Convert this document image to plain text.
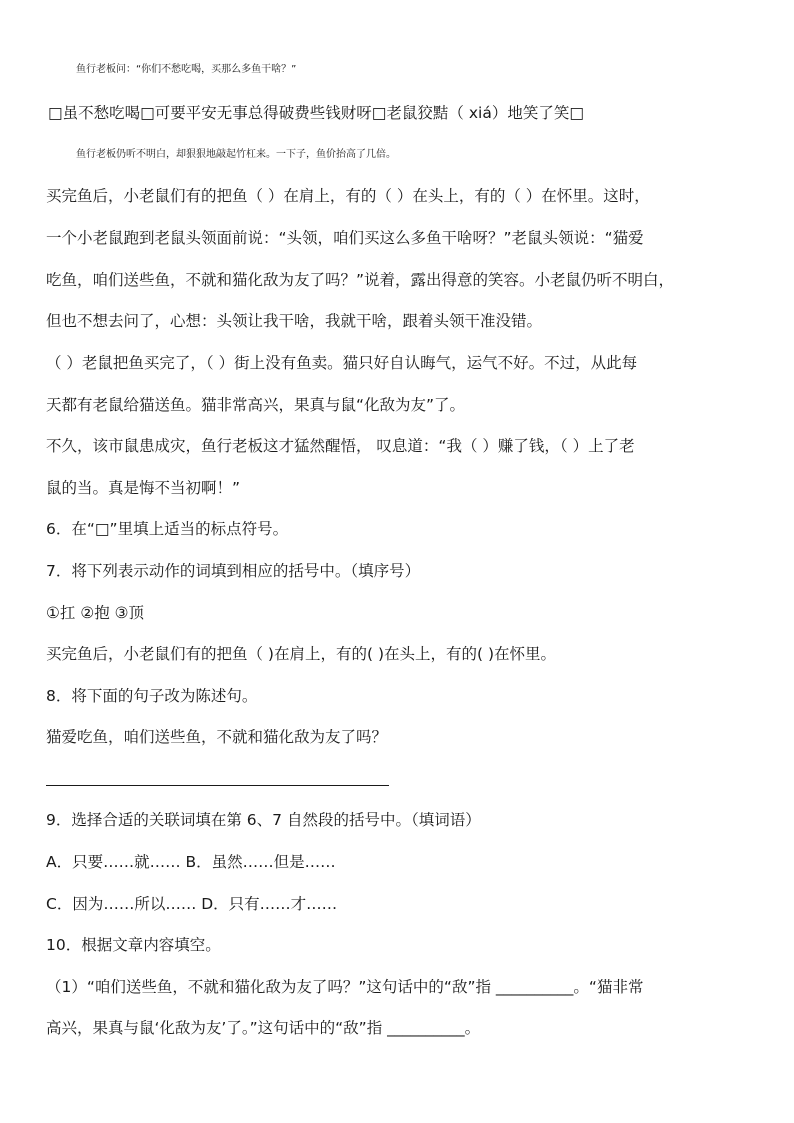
鱼行老板问：“你们不愁吃喝，买那么多鱼干啥？”
□虽不愁吃喝□可要平安无事总得破费些钱财呀□老鼠狡黠（ xiá）地笑了笑□
鱼行老板仍听不明白，却狠狠地敲起竹杠来。一下子，鱼价抬高了几倍。
买完鱼后，小老鼠们有的把鱼（ ）在肩上，有的（ ）在头上，有的（ ）在怀里。这时，
一个小老鼠跑到老鼠头领面前说：“头领，咱们买这么多鱼干啥呀？”老鼠头领说：“猫爱
吃鱼，咱们送些鱼，不就和猫化敌为友了吗？”说着，露出得意的笑容。小老鼠仍听不明白，
但也不想去问了，心想：头领让我干啥，我就干啥，跟着头领干准没错。
（ ）老鼠把鱼买完了，（ ）街上没有鱼卖。猫只好自认晦气，运气不好。不过，从此每
天都有老鼠给猫送鱼。猫非常高兴，果真与鼠“化敌为友”了。
不久，该市鼠患成灾，鱼行老板这才猛然醒悟， 叹息道：“我（ ）赚了钱，（ ）上了老
鼠的当。真是悔不当初啊！”
6．在“□”里填上适当的标点符号。
7．将下列表示动作的词填到相应的括号中。（填序号）
①扛 ②抱 ③顶
买完鱼后，小老鼠们有的把鱼（ )在肩上，有的( )在头上，有的( )在怀里。
8．将下面的句子改为陈述句。
猫爱吃鱼，咱们送些鱼，不就和猫化敌为友了吗？
9．选择合适的关联词填在第 6、7 自然段的括号中。（填词语）
A．只要……就…… B．虽然……但是……
C．因为……所以…… D．只有……才……
10．根据文章内容填空。
（1）“咱们送些鱼，不就和猫化敌为友了吗？”这句话中的“敌”指 __________。“猫非常
高兴，果真与鼠‘化敌为友’了。”这句话中的“敌”指 __________。
